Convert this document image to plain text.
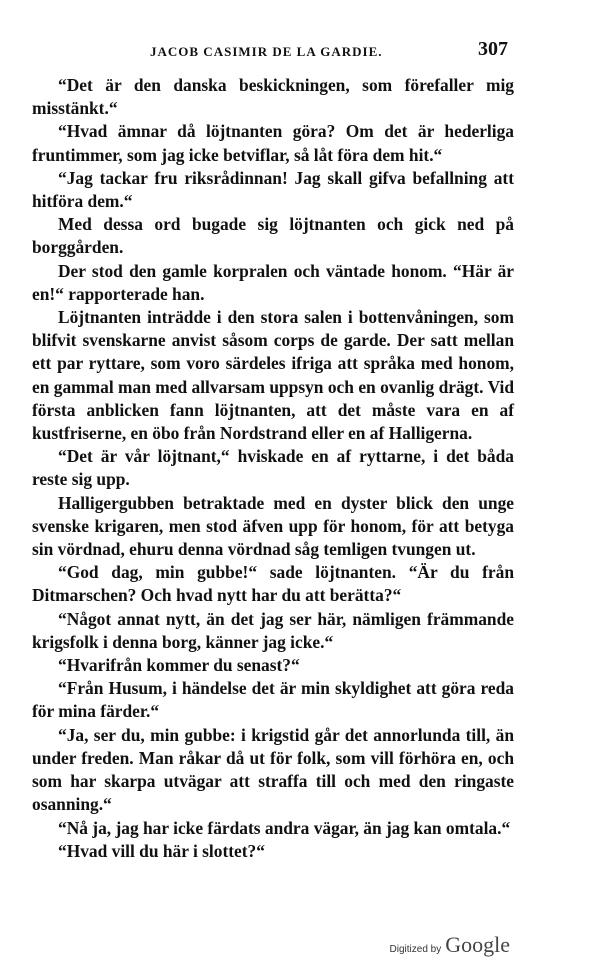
JACOB CASIMIR DE LA GARDIE.	307

“Det är den danska beskickningen, som förefaller mig misstänkt.“

“Hvad ämnar då löjtnanten göra? Om det är hederliga fruntimmer, som jag icke betviflar, så låt föra dem hit.“

“Jag tackar fru riksrådinnan! Jag skall gifva befallning att hitföra dem.“

Med dessa ord bugade sig löjtnanten och gick ned på borggården.

Der stod den gamle korpralen och väntade honom. “Här är en!“ rapporterade han.

Löjtnanten inträdde i den stora salen i bottenvåningen, som blifvit svenskarne anvist såsom corps de garde. Der satt mellan ett par ryttare, som voro särdeles ifriga att språka med honom, en gammal man med allvarsam uppsyn och en ovanlig drägt. Vid första anblicken fann löjtnanten, att det måste vara en af kustfriserne, en öbo från Nordstrand eller en af Halligerna.

“Det är vår löjtnant,“ hviskade en af ryttarne, i det båda reste sig upp.

Halligergubben betraktade med en dyster blick den unge svenske krigaren, men stod äfven upp för honom, för att betyga sin vördnad, ehuru denna vördnad såg temligen tvungen ut.

“God dag, min gubbe!“ sade löjtnanten. “Är du från Ditmarschen? Och hvad nytt har du att berätta?“

“Något annat nytt, än det jag ser här, nämligen främmande krigsfolk i denna borg, känner jag icke.“

“Hvarifrån kommer du senast?“

“Från Husum, i händelse det är min skyldighet att göra reda för mina färder.“

“Ja, ser du, min gubbe: i krigstid går det annorlunda till, än under freden. Man råkar då ut för folk, som vill förhöra en, och som har skarpa utvägar att straffa till och med den ringaste osanning.“

“Nå ja, jag har icke färdats andra vägar, än jag kan omtala.“

“Hvad vill du här i slottet?“

Digitized by Google
